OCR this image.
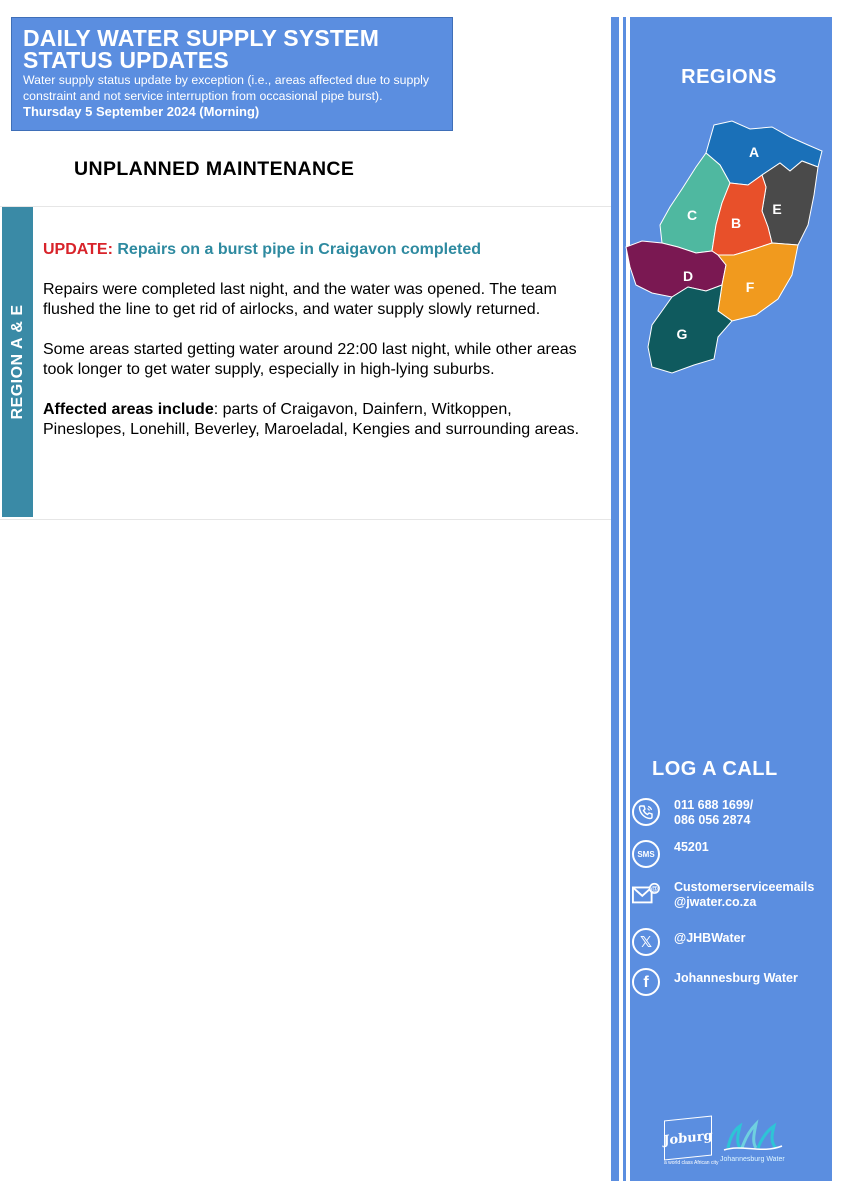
DAILY WATER SUPPLY SYSTEM
STATUS UPDATES

Water supply status update by exception (i.e., areas affected due to supply constraint and not service interruption from occasional pipe burst). Thursday 5 September 2024 (Morning)

UNPLANNED MAINTENANCE
REGION A & E

UPDATE: Repairs on a burst pipe in Craigavon completed

Repairs were completed last night, and the water was opened. The team flushed the line to get rid of airlocks, and water supply slowly returned.

Some areas started getting water around 22:00 last night, while other areas took longer to get water supply, especially in high-lying suburbs.

Affected areas include: parts of Craigavon, Dainfern, Witkoppen, Pineslopes, Lonehill, Beverley, Maroeladal, Kengies and surrounding areas.

REGIONS
A
B
C
D
E
F
G
LOG A CALL
011 688 1699/
086 056 2874
SMS	45201
@ Customerserviceemails
@jwater.co.za
𝕏	@JHBWater
f	Johannesburg Water
Joburg
a world class African city Johannesburg Water
